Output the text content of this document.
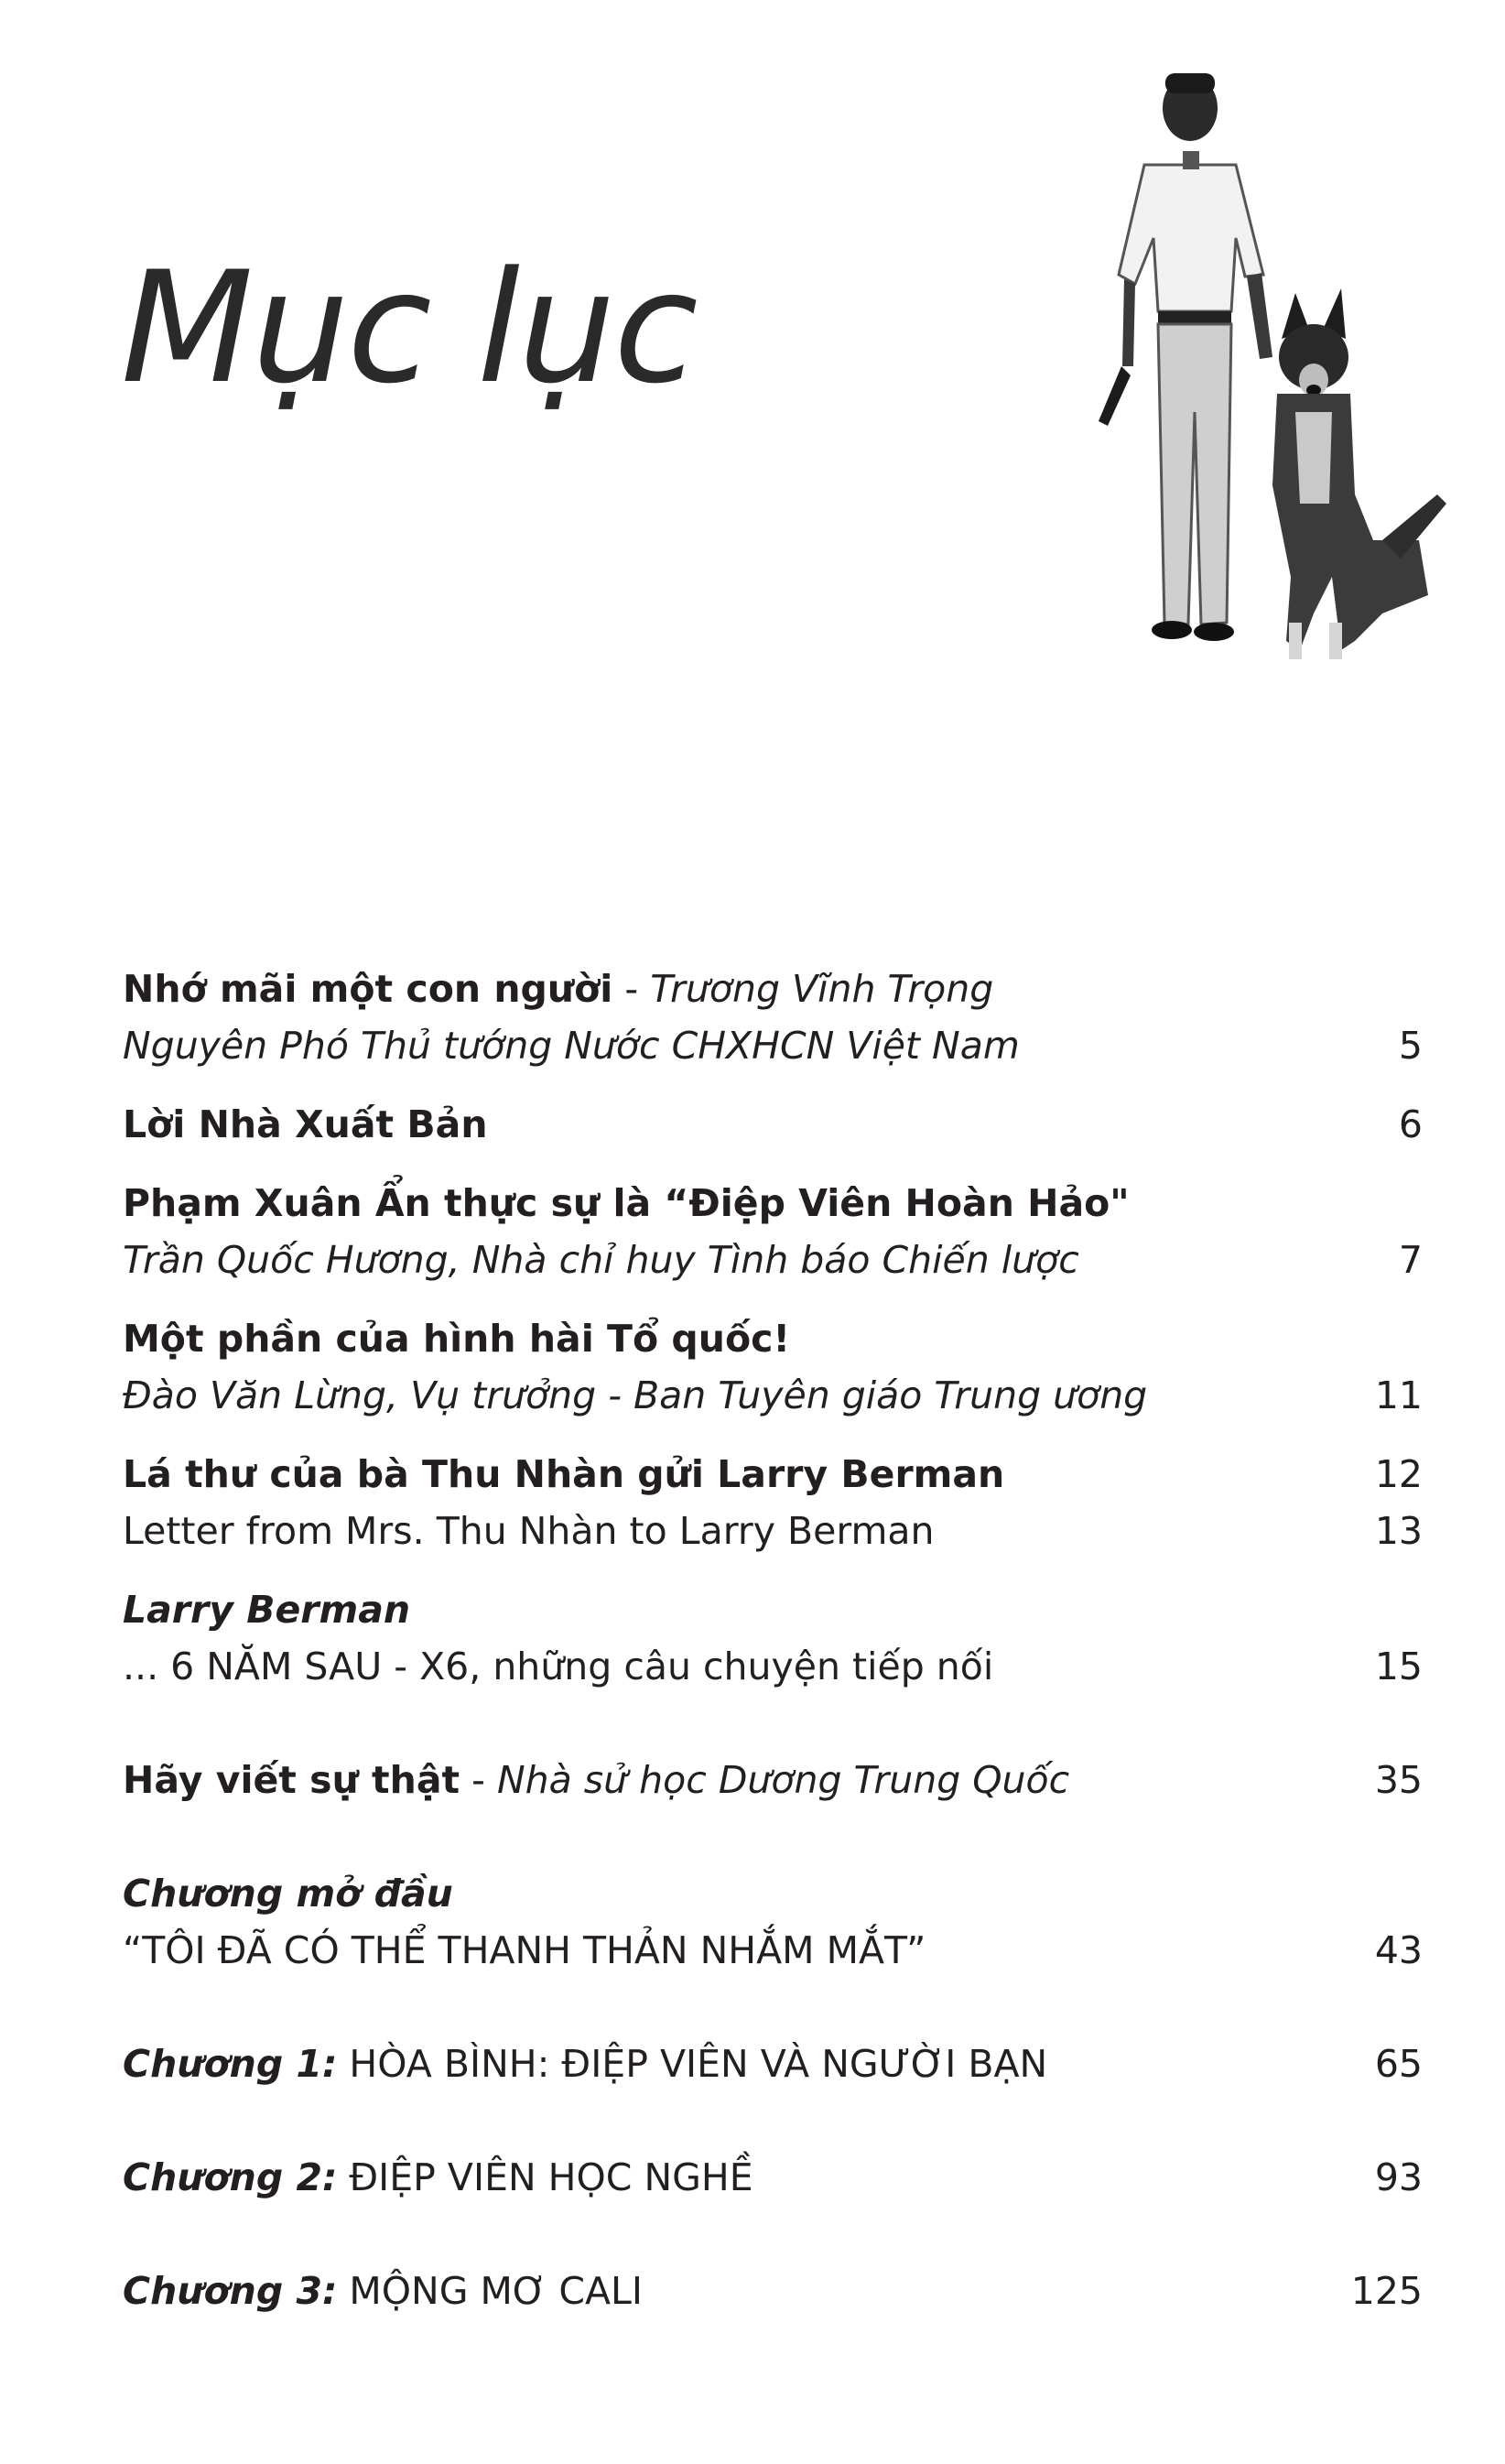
Mục lục
Nhớ mãi một con người - Trương Vĩnh Trọng
Nguyên Phó Thủ tướng Nước CHXHCN Việt Nam	5
Lời Nhà Xuất Bản	6
Phạm Xuân Ẩn thực sự là “Điệp Viên Hoàn Hảo"
Trần Quốc Hương, Nhà chỉ huy Tình báo Chiến lược	7
Một phần của hình hài Tổ quốc!
Đào Văn Lừng, Vụ trưởng - Ban Tuyên giáo Trung ương	11
Lá thư của bà Thu Nhàn gửi Larry Berman	12
Letter from Mrs. Thu Nhàn to Larry Berman	13
Larry Berman
... 6 NĂM SAU - X6, những câu chuyện tiếp nối	15
Hãy viết sự thật - Nhà sử học Dương Trung Quốc	35
Chương mở đầu
“TÔI ĐÃ CÓ THỂ THANH THẢN NHẮM MẮT”	43
Chương 1: HÒA BÌNH: ĐIỆP VIÊN VÀ NGƯỜI BẠN	65
Chương 2: ĐIỆP VIÊN HỌC NGHỀ	93
Chương 3: MỘNG MƠ CALI	125
